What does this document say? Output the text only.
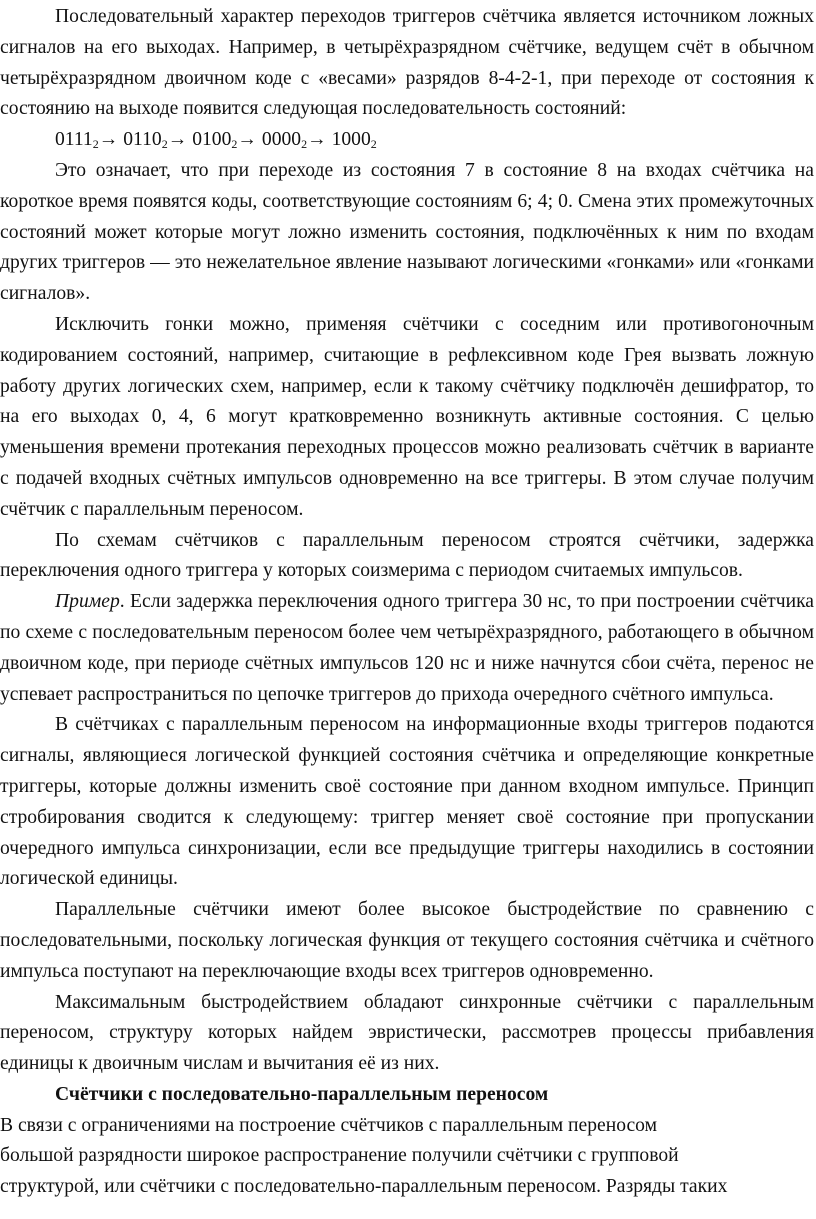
Последовательный характер переходов триггеров счётчика является источником ложных сигналов на его выходах. Например, в четырёхразрядном счётчике, ведущем счёт в обычном четырёхразрядном двоичном коде с «весами» разрядов 8-4-2-1, при переходе от состояния к состоянию на выходе появится следующая последовательность состояний:

$0111_2\to 0110_2\to 0100_2\to 0000_2\to 1000_2$

Это означает, что при переходе из состояния 7 в состояние 8 на входах счётчика на короткое время появятся коды, соответствующие состояниям 6; 4; 0. Смена этих промежуточных состояний может которые могут ложно изменить состояния, подключённых к ним по входам других триггеров — это нежелательное явление называют логическими «гонками» или «гонками сигналов».

Исключить гонки можно, применяя счётчики с соседним или противогоночным кодированием состояний, например, считающие в рефлексивном коде Грея вызвать ложную работу других логических схем, например, если к такому счётчику подключён дешифратор, то на его выходах 0, 4, 6 могут кратковременно возникнуть активные состояния. С целью уменьшения времени протекания переходных процессов можно реализовать счётчик в варианте с подачей входных счётных импульсов одновременно на все триггеры. В этом случае получим счётчик с параллельным переносом.

По схемам счётчиков с параллельным переносом строятся счётчики, задержка переключения одного триггера у которых соизмерима с периодом считаемых импульсов.

Пример. Если задержка переключения одного триггера 30 нс, то при построении счётчика по схеме с последовательным переносом более чем четырёхразрядного, работающего в обычном двоичном коде, при периоде счётных импульсов 120 нс и ниже начнутся сбои счёта, перенос не успевает распространиться по цепочке триггеров до прихода очередного счётного импульса.

В счётчиках с параллельным переносом на информационные входы триггеров подаются сигналы, являющиеся логической функцией состояния счётчика и определяющие конкретные триггеры, которые должны изменить своё состояние при данном входном импульсе. Принцип стробирования сводится к следующему: триггер меняет своё состояние при пропускании очередного импульса синхронизации, если все предыдущие триггеры находились в состоянии логической единицы.

Параллельные счётчики имеют более высокое быстродействие по сравнению с последовательными, поскольку логическая функция от текущего состояния счётчика и счётного импульса поступают на переключающие входы всех триггеров одновременно.

Максимальным быстродействием обладают синхронные счётчики с параллельным переносом, структуру которых найдем эвристически, рассмотрев процессы прибавления единицы к двоичным числам и вычитания её из них.

Счётчики с последовательно-параллельным переносом

В связи с ограничениями на построение счётчиков с параллельным переносом
большой разрядности широкое распространение получили счётчики с групповой
структурой, или счётчики с последовательно-параллельным переносом. Разряды таких
